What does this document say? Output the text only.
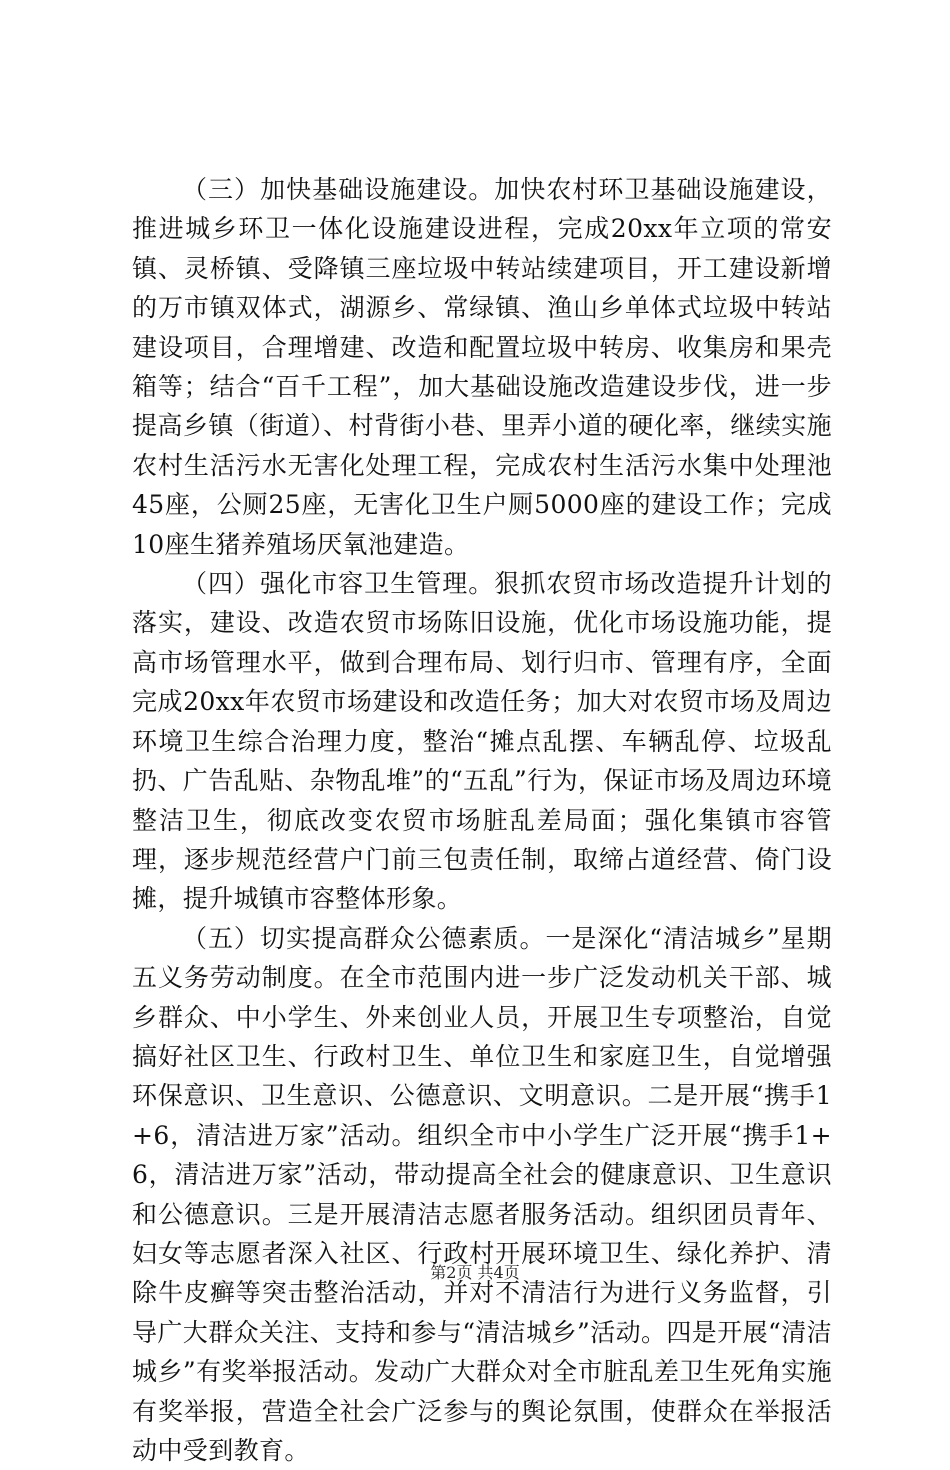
（三）加快基础设施建设。加快农村环卫基础设施建设，推进城乡环卫一体化设施建设进程，完成20xx年立项的常安镇、灵桥镇、受降镇三座垃圾中转站续建项目，开工建设新增的万市镇双体式，湖源乡、常绿镇、渔山乡单体式垃圾中转站建设项目，合理增建、改造和配置垃圾中转房、收集房和果壳箱等；结合“百千工程”，加大基础设施改造建设步伐，进一步提高乡镇（街道）、村背街小巷、里弄小道的硬化率，继续实施农村生活污水无害化处理工程，完成农村生活污水集中处理池45座，公厕25座，无害化卫生户厕5000座的建设工作；完成10座生猪养殖场厌氧池建造。

（四）强化市容卫生管理。狠抓农贸市场改造提升计划的落实，建设、改造农贸市场陈旧设施，优化市场设施功能，提高市场管理水平，做到合理布局、划行归市、管理有序，全面完成20xx年农贸市场建设和改造任务；加大对农贸市场及周边环境卫生综合治理力度，整治“摊点乱摆、车辆乱停、垃圾乱扔、广告乱贴、杂物乱堆”的“五乱”行为，保证市场及周边环境整洁卫生，彻底改变农贸市场脏乱差局面；强化集镇市容管理，逐步规范经营户门前三包责任制，取缔占道经营、倚门设摊，提升城镇市容整体形象。

（五）切实提高群众公德素质。一是深化“清洁城乡”星期五义务劳动制度。在全市范围内进一步广泛发动机关干部、城乡群众、中小学生、外来创业人员，开展卫生专项整治，自觉搞好社区卫生、行政村卫生、单位卫生和家庭卫生，自觉增强环保意识、卫生意识、公德意识、文明意识。二是开展“携手1+6，清洁进万家”活动。组织全市中小学生广泛开展“携手1+6，清洁进万家”活动，带动提高全社会的健康意识、卫生意识和公德意识。三是开展清洁志愿者服务活动。组织团员青年、妇女等志愿者深入社区、行政村开展环境卫生、绿化养护、清除牛皮癣等突击整治活动，并对不清洁行为进行义务监督，引导广大群众关注、支持和参与“清洁城乡”活动。四是开展“清洁城乡”有奖举报活动。发动广大群众对全市脏乱差卫生死角实施有奖举报，营造全社会广泛参与的舆论氛围，使群众在举报活动中受到教育。

第2页 共4页
